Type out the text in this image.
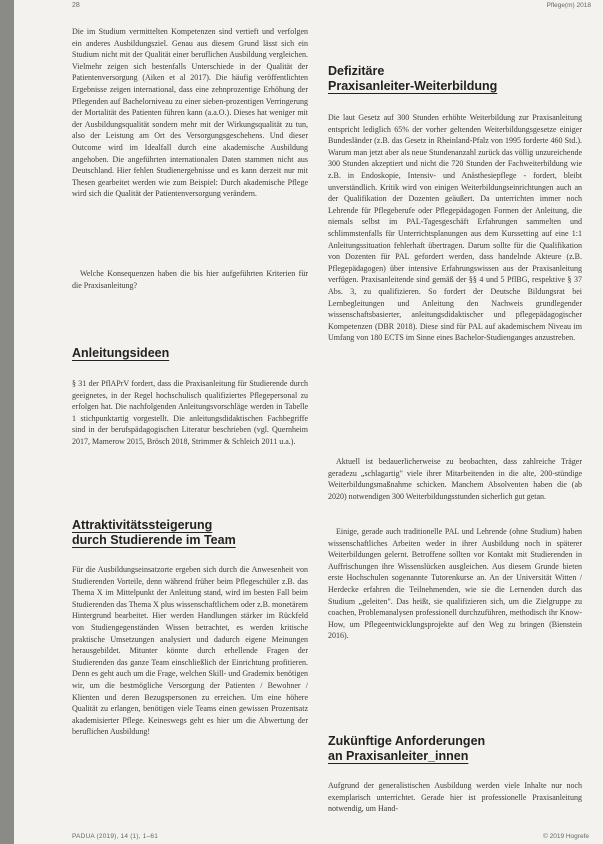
28	Pflege(m) 2018

Die im Studium vermittelten Kompetenzen sind vertieft und verfolgen ein anderes Ausbildungsziel. Genau aus diesem Grund lässt sich ein Studium nicht mit der Qualität einer beruflichen Ausbildung vergleichen. Vielmehr zeigen sich bestenfalls Unterschiede in der Qualität der Patientenversorgung (Aiken et al 2017). Die häufig veröffentlichten Ergebnisse zeigen international, dass eine zehnprozentige Erhöhung der Pflegenden auf Bachelorniveau zu einer sieben-prozentigen Verringerung der Mortalität des Patienten führen kann (a.a.O.). Dieses hat weniger mit der Ausbildungsqualität sondern mehr mit der Wirkungsqualität zu tun, also der Leistung am Ort des Versorgungsgeschehens. Und dieser Outcome wird im Idealfall durch eine akademische Ausbildung angehoben. Die angeführten internationalen Daten stammen nicht aus Deutschland. Hier fehlen Studienergebnisse und es kann derzeit nur mit Thesen gearbeitet werden wie zum Beispiel: Durch akademische Pflege wird sich die Qualität der Patientenversorgung verändern.

Welche Konsequenzen haben die bis hier aufgeführten Kriterien für die Praxisanleitung?

Anleitungsideen

§ 31 der PflAPrV fordert, dass die Praxisanleitung für Studierende durch geeignetes, in der Regel hochschulisch qualifiziertes Pflegepersonal zu erfolgen hat. Die nachfolgenden Anleitungsvorschläge werden in Tabelle 1 stichpunktartig vorgestellt. Die anleitungsdidaktischen Fachbegriffe sind in der berufspädagogischen Literatur beschrieben (vgl. Quernheim 2017, Mamerow 2015, Brösch 2018, Strimmer & Schleich 2011 u.a.).

Attraktivitätssteigerung
durch Studierende im Team

Für die Ausbildungseinsatzorte ergeben sich durch die Anwesenheit von Studierenden Vorteile, denn während früher beim Pflegeschüler z.B. das Thema X im Mittelpunkt der Anleitung stand, wird im besten Fall beim Studierenden das Thema X plus wissenschaftlichem oder z.B. monetärem Hintergrund bearbeitet. Hier werden Handlungen stärker im Rückfeld von Studiengegenständen Wissen betrachtet, es werden kritische praktische Umsetzungen analysiert und dadurch eigene Meinungen herausgebildet. Mitunter könnte durch erhellende Fragen der Studierenden das ganze Team einschließlich der Einrichtung profitieren. Denn es geht auch um die Frage, welchen Skill- und Grademix benötigen wir, um die bestmögliche Versorgung der Patienten / Bewohner / Klienten und deren Bezugspersonen zu erreichen. Um eine höhere Qualität zu erlangen, benötigen viele Teams einen gewissen Prozentsatz akademisierter Pflege. Keineswegs geht es hier um die Abwertung der beruflichen Ausbildung!

Defizitäre
Praxisanleiter-Weiterbildung

Die laut Gesetz auf 300 Stunden erhöhte Weiterbildung zur Praxisanleitung entspricht lediglich 65% der vorher geltenden Weiterbildungsgesetze einiger Bundesländer (z.B. das Gesetz in Rheinland-Pfalz von 1995 forderte 460 Std.). Warum man jetzt aber als neue Stundenanzahl zurück das völlig unzureichende 300 Stunden akzeptiert und nicht die 720 Stunden der Fachweiterbildung wie z.B. in Endoskopie, Intensiv- und Anästhesiepflege - fordert, bleibt unverständlich. Kritik wird von einigen Weiterbildungseinrichtungen auch an der Qualifikation der Dozenten geäußert. Da unterrichten immer noch Lehrende für Pflegeberufe oder Pflegepädagogen Formen der Anleitung, die niemals selbst im PAL-Tagesgeschäft Erfahrungen sammelten und schlimmstenfalls für Unterrichtsplanungen aus dem Kurssetting auf eine 1:1 Anleitungssituation fehlerhaft übertragen. Darum sollte für die Qualifikation von Dozenten für PAL gefordert werden, dass handelnde Akteure (z.B. Pflegepädagogen) über intensive Erfahrungswissen aus der Praxisanleitung verfügen. Praxisanleitende sind gemäß der §§ 4 und 5 PflBG, respektive § 37 Abs. 3, zu qualifizieren. So fordert der Deutsche Bildungsrat bei Lernbegleitungen und Anleitung den Nachweis grundlegender wissenschaftsbasierter, anleitungsdidaktischer und pflegepädagogischer Kompetenzen (DBR 2018). Diese sind für PAL auf akademischem Niveau im Umfang von 180 ECTS im Sinne eines Bachelor-Studienganges anzustreben.

Aktuell ist bedauerlicherweise zu beobachten, dass zahlreiche Träger geradezu „schlagartig" viele ihrer Mitarbeitenden in die alte, 200-stündige Weiterbildungsmaßnahme schicken. Manchem Absolventen haben die (ab 2020) notwendigen 300 Weiterbildungsstunden sicherlich gut getan.

Einige, gerade auch traditionelle PAL und Lehrende (ohne Studium) haben wissenschaftliches Arbeiten weder in ihrer Ausbildung noch in späterer Weiterbildungen gelernt. Betroffene sollten vor Kontakt mit Studierenden in Auffrischungen ihre Wissenslücken ausgleichen. Aus diesem Grunde bieten erste Hochschulen sogenannte Tutorenkurse an. An der Universität Witten / Herdecke erfahren die Teilnehmenden, wie sie die Lernenden durch das Studium „geleiten". Das heißt, sie qualifizieren sich, um die Zielgruppe zu coachen, Problemanalysen professionell durchzuführen, methodisch ihr Know-How, um Pflegeentwicklungsprojekte auf den Weg zu bringen (Bienstein 2016).

Zukünftige Anforderungen
an Praxisanleiter_innen

Aufgrund der generalistischen Ausbildung werden viele Inhalte nur noch exemplarisch unterrichtet. Gerade hier ist professionelle Praxisanleitung notwendig, um Hand-

PADUA (2019), 14 (1), 1–61	© 2019 Hogrefe
